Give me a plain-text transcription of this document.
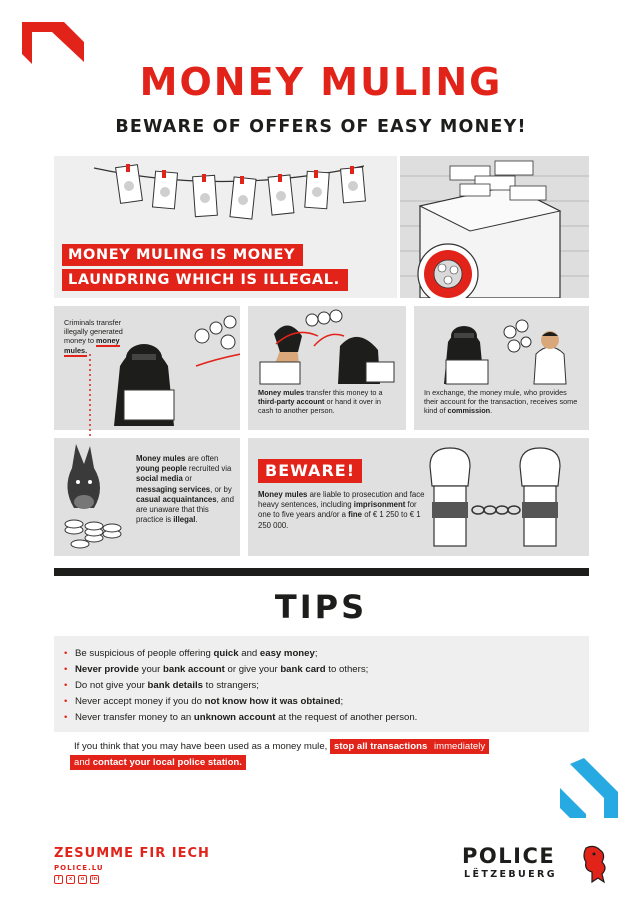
MONEY MULING
BEWARE OF OFFERS OF EASY MONEY!
MONEY MULING IS MONEY
LAUNDRING WHICH IS ILLEGAL.
Criminals transfer illegally generated money to money mules.
Money mules transfer this money to a third-party account or hand it over in cash to another person.
In exchange, the money mule, who provides their account for the transaction, receives some kind of commission.
Money mules are often young people recruited via social media or messaging services, or by casual acquaintances, and are unaware that this practice is illegal.
Money mules are liable to prosecution and face heavy sentences, including imprisonment for one to five years and/or a fine of € 1 250 to € 1 250 000.
BEWARE!
TIPS
• Be suspicious of people offering quick and easy money;
• Never provide your bank account or give your bank card to others;
• Do not give your bank details to strangers;
• Never accept money if you do not know how it was obtained;
• Never transfer money to an unknown account at the request of another person.
If you think that you may have been used as a money mule, stop all transactions immediately
and contact your local police station.
ZESUMME FIR IECH
POLICE.LU
f	x	o	in
POLICE
LËTZEBUERG
